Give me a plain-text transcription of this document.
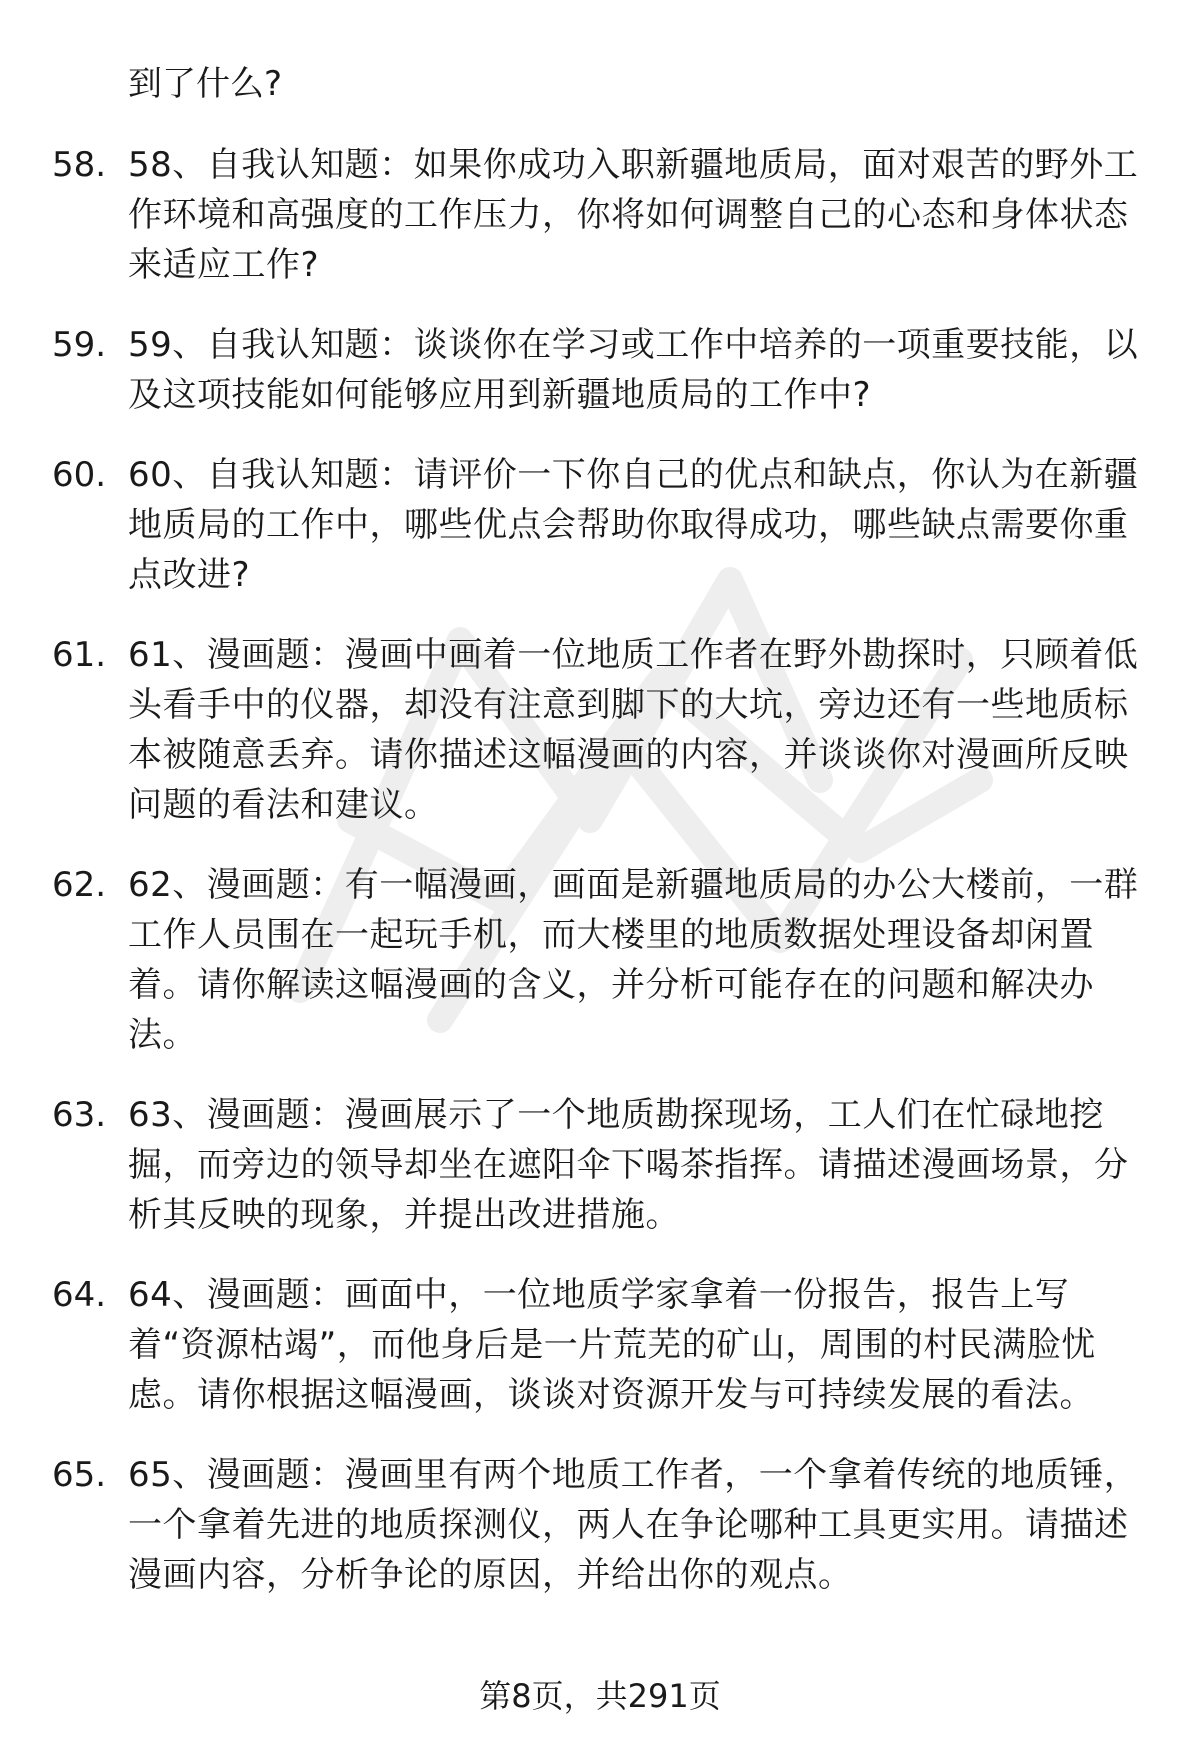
到了什么?
58. 58、自我认知题：如果你成功入职新疆地质局，面对艰苦的野外工作环境和高强度的工作压力，你将如何调整自己的心态和身体状态来适应工作?
59. 59、自我认知题：谈谈你在学习或工作中培养的一项重要技能，以及这项技能如何能够应用到新疆地质局的工作中?
60. 60、自我认知题：请评价一下你自己的优点和缺点，你认为在新疆地质局的工作中，哪些优点会帮助你取得成功，哪些缺点需要你重点改进?
61. 61、漫画题：漫画中画着一位地质工作者在野外勘探时，只顾着低头看手中的仪器，却没有注意到脚下的大坑，旁边还有一些地质标本被随意丢弃。请你描述这幅漫画的内容，并谈谈你对漫画所反映问题的看法和建议。
62. 62、漫画题：有一幅漫画，画面是新疆地质局的办公大楼前，一群工作人员围在一起玩手机，而大楼里的地质数据处理设备却闲置着。请你解读这幅漫画的含义，并分析可能存在的问题和解决办法。
63. 63、漫画题：漫画展示了一个地质勘探现场，工人们在忙碌地挖掘，而旁边的领导却坐在遮阳伞下喝茶指挥。请描述漫画场景，分析其反映的现象，并提出改进措施。
64. 64、漫画题：画面中，一位地质学家拿着一份报告，报告上写着“资源枯竭”，而他身后是一片荒芜的矿山，周围的村民满脸忧虑。请你根据这幅漫画，谈谈对资源开发与可持续发展的看法。
65. 65、漫画题：漫画里有两个地质工作者，一个拿着传统的地质锤，一个拿着先进的地质探测仪，两人在争论哪种工具更实用。请描述漫画内容，分析争论的原因，并给出你的观点。
第8页，共291页
